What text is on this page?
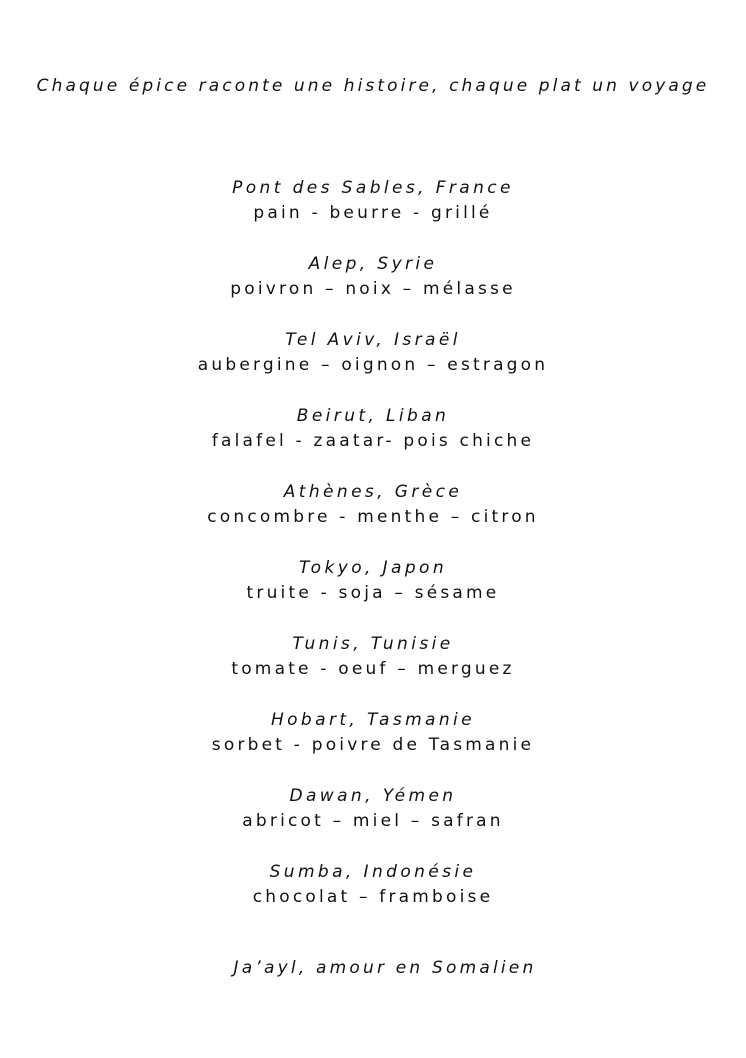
Chaque épice raconte une histoire, chaque plat un voyage
Pont des Sables, France
pain - beurre - grillé
Alep, Syrie
poivron – noix – mélasse
Tel Aviv, Israël
aubergine – oignon – estragon
Beirut, Liban
falafel - zaatar- pois chiche
Athènes, Grèce
concombre - menthe – citron
Tokyo, Japon
truite - soja – sésame
Tunis, Tunisie
tomate - oeuf – merguez
Hobart, Tasmanie
sorbet - poivre de Tasmanie
Dawan, Yémen
abricot – miel – safran
Sumba, Indonésie
chocolat – framboise
Ja’ayl, amour en Somalien
